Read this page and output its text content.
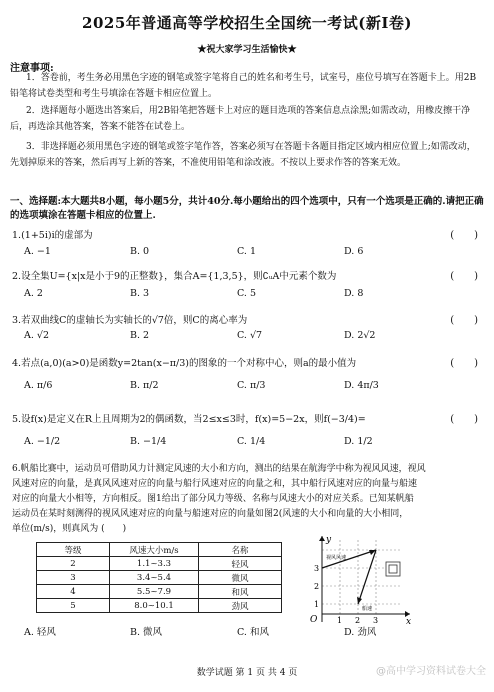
2025年普通高等学校招生全国统一考试(新Ⅰ卷)
★祝大家学习生活愉快★
注意事项:
1．答卷前，考生务必用黑色字迹的钢笔或签字笔将自己的姓名和考生号，试室号，座位号填写在答题卡上。用2B铅笔将试卷类型和考生号填涂在答题卡相应位置上。
2．选择题每小题选出答案后，用2B铅笔把答题卡上对应的题目选项的答案信息点涂黑;如需改动，用橡皮擦干净后，再选涂其他答案，答案不能答在试卷上。
3．非选择题必须用黑色字迹的钢笔或签字笔作答，答案必须写在答题卡各题目指定区域内相应位置上;如需改动，先划掉原来的答案，然后再写上新的答案，不准使用铅笔和涂改液。不按以上要求作答的答案无效。
一、选择题:本大题共8小题，每小题5分，共计40分.每小题给出的四个选项中，只有一个选项是正确的.请把正确的选项填涂在答题卡相应的位置上.
1.(1+5i)i的虚部为	(　　)
A. −1	B. 0	C. 1	D. 6
2.设全集U={x|x是小于9的正整数}，集合A={1,3,5}，则∁ᵤA中元素个数为	(　　)
A. 2	B. 3	C. 5	D. 8
3.若双曲线C的虚轴长为实轴长的√7倍，则C的离心率为	(　　)
A. √2	B. 2	C. √7	D. 2√2
4.若点(a,0)(a>0)是函数y=2tan(x−π/3)的图象的一个对称中心，则a的最小值为	(　　)
A. π/6	B. π/2	C. π/3	D. 4π/3
5.设f(x)是定义在R上且周期为2的偶函数，当2≤x≤3时，f(x)=5−2x，则f(−3/4)=	(　　)
A. −1/2	B. −1/4	C. 1/4	D. 1/2
6.帆船比赛中，运动员可借助风力计测定风速的大小和方向，测出的结果在航海学中称为视风风速，视风
风速对应的向量，是真风风速对应的向量与船行风速对应的向量之和，其中船行风速对应的向量与船速
对应的向量大小相等，方向相反。图1给出了部分风力等级、名称与风速大小的对应关系。已知某帆船
运动员在某时刻测得的视风风速对应的向量与船速对应的向量如图2(风速的大小和向量的大小相同，
单位(m/s)，则真风为 (　　)
等级	风速大小m/s	名称
2	1.1~3.3	轻风
3	3.4~5.4	微风
4	5.5~7.9	和风
5	8.0~10.1	劲风
O	x
y
1 2 3
1
2
3
视风风速
船速
A. 轻风	B. 微风	C. 和风	D. 劲风
数学试题 第 1 页 共 4 页	@高中学习资料试卷大全
